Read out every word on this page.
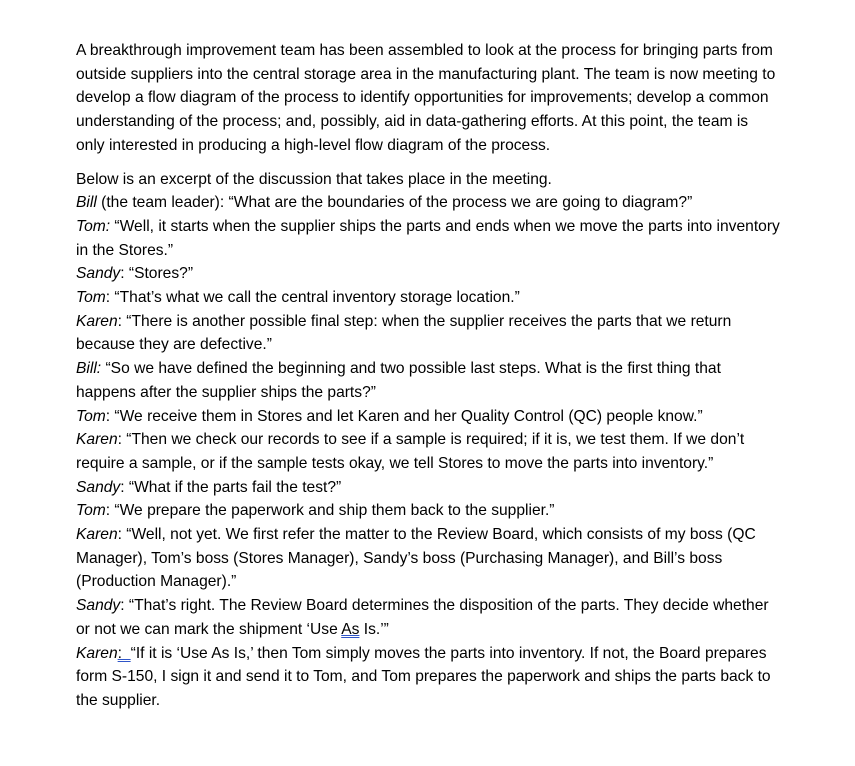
A breakthrough improvement team has been assembled to look at the process for bringing parts from outside suppliers into the central storage area in the manufacturing plant. The team is now meeting to develop a flow diagram of the process to identify opportunities for improvements; develop a common understanding of the process; and, possibly, aid in data-gathering efforts. At this point, the team is only interested in producing a high-level flow diagram of the process.

Below is an excerpt of the discussion that takes place in the meeting.

Bill (the team leader): “What are the boundaries of the process we are going to diagram?”

Tom: “Well, it starts when the supplier ships the parts and ends when we move the parts into inventory in the Stores.”

Sandy: “Stores?”

Tom: “That’s what we call the central inventory storage location.”

Karen: “There is another possible final step: when the supplier receives the parts that we return because they are defective.”

Bill: “So we have defined the beginning and two possible last steps. What is the first thing that happens after the supplier ships the parts?”

Tom: “We receive them in Stores and let Karen and her Quality Control (QC) people know.”

Karen: “Then we check our records to see if a sample is required; if it is, we test them. If we don’t require a sample, or if the sample tests okay, we tell Stores to move the parts into inventory.”

Sandy: “What if the parts fail the test?”

Tom: “We prepare the paperwork and ship them back to the supplier.”

Karen: “Well, not yet. We first refer the matter to the Review Board, which consists of my boss (QC Manager), Tom’s boss (Stores Manager), Sandy’s boss (Purchasing Manager), and Bill’s boss (Production Manager).”

Sandy: “That’s right. The Review Board determines the disposition of the parts. They decide whether or not we can mark the shipment ‘Use As Is.’”

Karen:  “If it is ‘Use As Is,’ then Tom simply moves the parts into inventory. If not, the Board prepares form S-150, I sign it and send it to Tom, and Tom prepares the paperwork and ships the parts back to the supplier.
